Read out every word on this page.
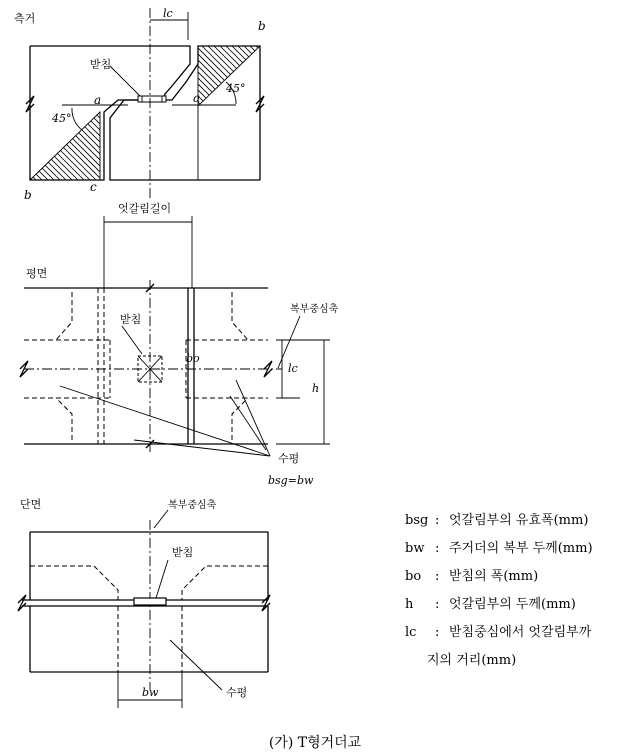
측거	lc
45°
45°
받침
a	a
b
b
c
평면
엇갈림길이
받침
bo
lc
h
복부중심축
수평
bsg=bw
단면
받침
복부중심축
bw	수평
bsg : 엇갈림부의 유효폭(mm)
bw : 주거더의 복부 두께(mm)
bo : 받침의 폭(mm)
h : 엇갈림부의 두께(mm)
lc : 받침중심에서 엇갈림부까
지의 거리(mm)
(가) T형거더교
